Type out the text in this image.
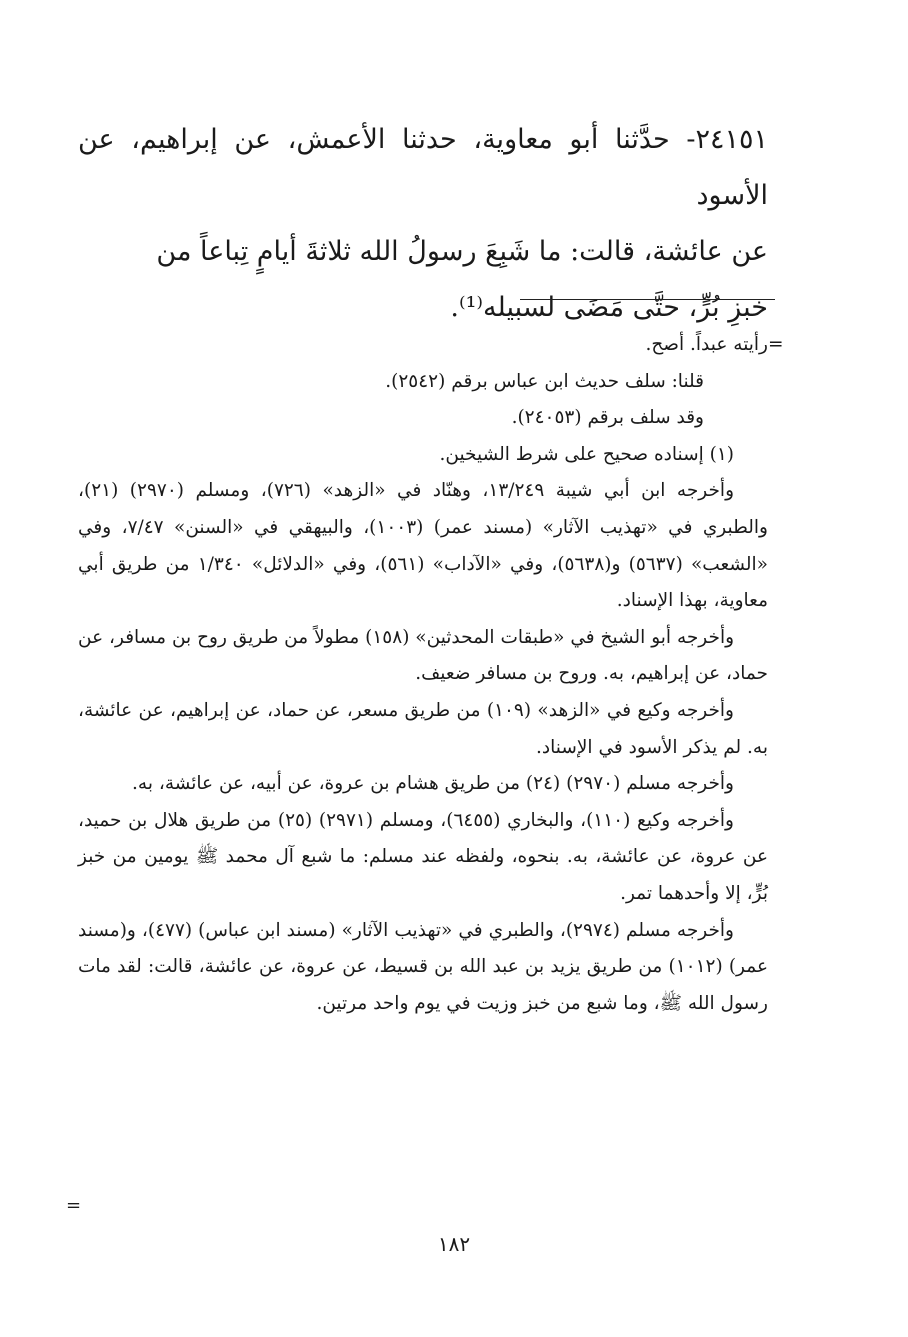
٢٤١٥١- حدَّثنا أبو معاوية، حدثنا الأعمش، عن إبراهيم، عن الأسود

عن عائشة، قالت: ما شَبِعَ رسولُ الله ثلاثةَ أيامٍ تِباعاً من

خبزِ بُرٍّ، حتَّى مَضَى لسبيله⁽¹⁾.

=

رأيته عبداً. أصح.

قلنا: سلف حديث ابن عباس برقم (٢٥٤٢).

وقد سلف برقم (٢٤٠٥٣).

(١) إسناده صحيح على شرط الشيخين.

وأخرجه ابن أبي شيبة ١٣/٢٤٩، وهنّاد في «الزهد» (٧٢٦)، ومسلم (٢٩٧٠) (٢١)، والطبري في «تهذيب الآثار» (مسند عمر) (١٠٠٣)، والبيهقي في «السنن» ٧/٤٧، وفي «الشعب» (٥٦٣٧) و(٥٦٣٨)، وفي «الآداب» (٥٦١)، وفي «الدلائل» ١/٣٤٠ من طريق أبي معاوية، بهذا الإسناد.

وأخرجه أبو الشيخ في «طبقات المحدثين» (١٥٨) مطولاً من طريق روح بن مسافر، عن حماد، عن إبراهيم، به. وروح بن مسافر ضعيف.

وأخرجه وكيع في «الزهد» (١٠٩) من طريق مسعر، عن حماد، عن إبراهيم، عن عائشة، به. لم يذكر الأسود في الإسناد.

وأخرجه مسلم (٢٩٧٠) (٢٤) من طريق هشام بن عروة، عن أبيه، عن عائشة، به.

وأخرجه وكيع (١١٠)، والبخاري (٦٤٥٥)، ومسلم (٢٩٧١) (٢٥) من طريق هلال بن حميد، عن عروة، عن عائشة، به. بنحوه، ولفظه عند مسلم: ما شبع آل محمد ﷺ يومين من خبز بُرٍّ، إلا وأحدهما تمر.

وأخرجه مسلم (٢٩٧٤)، والطبري في «تهذيب الآثار» (مسند ابن عباس) (٤٧٧)، و(مسند عمر) (١٠١٢) من طريق يزيد بن عبد الله بن قسيط، عن عروة، عن عائشة، قالت: لقد مات رسول الله ﷺ، وما شبع من خبز وزيت في يوم واحد مرتين.

=
١٨٢
